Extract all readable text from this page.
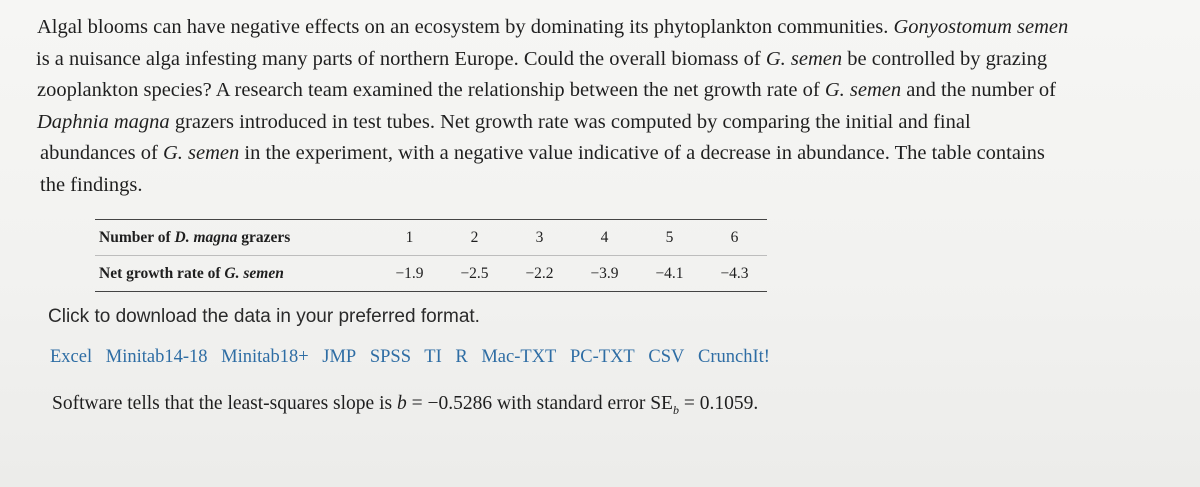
Algal blooms can have negative effects on an ecosystem by dominating its phytoplankton communities. Gonyostomum semen
is a nuisance alga infesting many parts of northern Europe. Could the overall biomass of G. semen be controlled by grazing
zooplankton species? A research team examined the relationship between the net growth rate of G. semen and the number of
Daphnia magna grazers introduced in test tubes. Net growth rate was computed by comparing the initial and final
abundances of G. semen in the experiment, with a negative value indicative of a decrease in abundance. The table contains
the findings.

Number of D. magna grazers		1	2	3	4	5	6
Net growth rate of G. semen		−1.9	−2.5	−2.2	−3.9	−4.1	−4.3

Click to download the data in your preferred format.

Excel Minitab14-18 Minitab18+ JMP SPSS TI R Mac-TXT PC-TXT CSV CrunchIt!

Software tells that the least-squares slope is b = −0.5286 with standard error $SE_b = 0.1059$.
